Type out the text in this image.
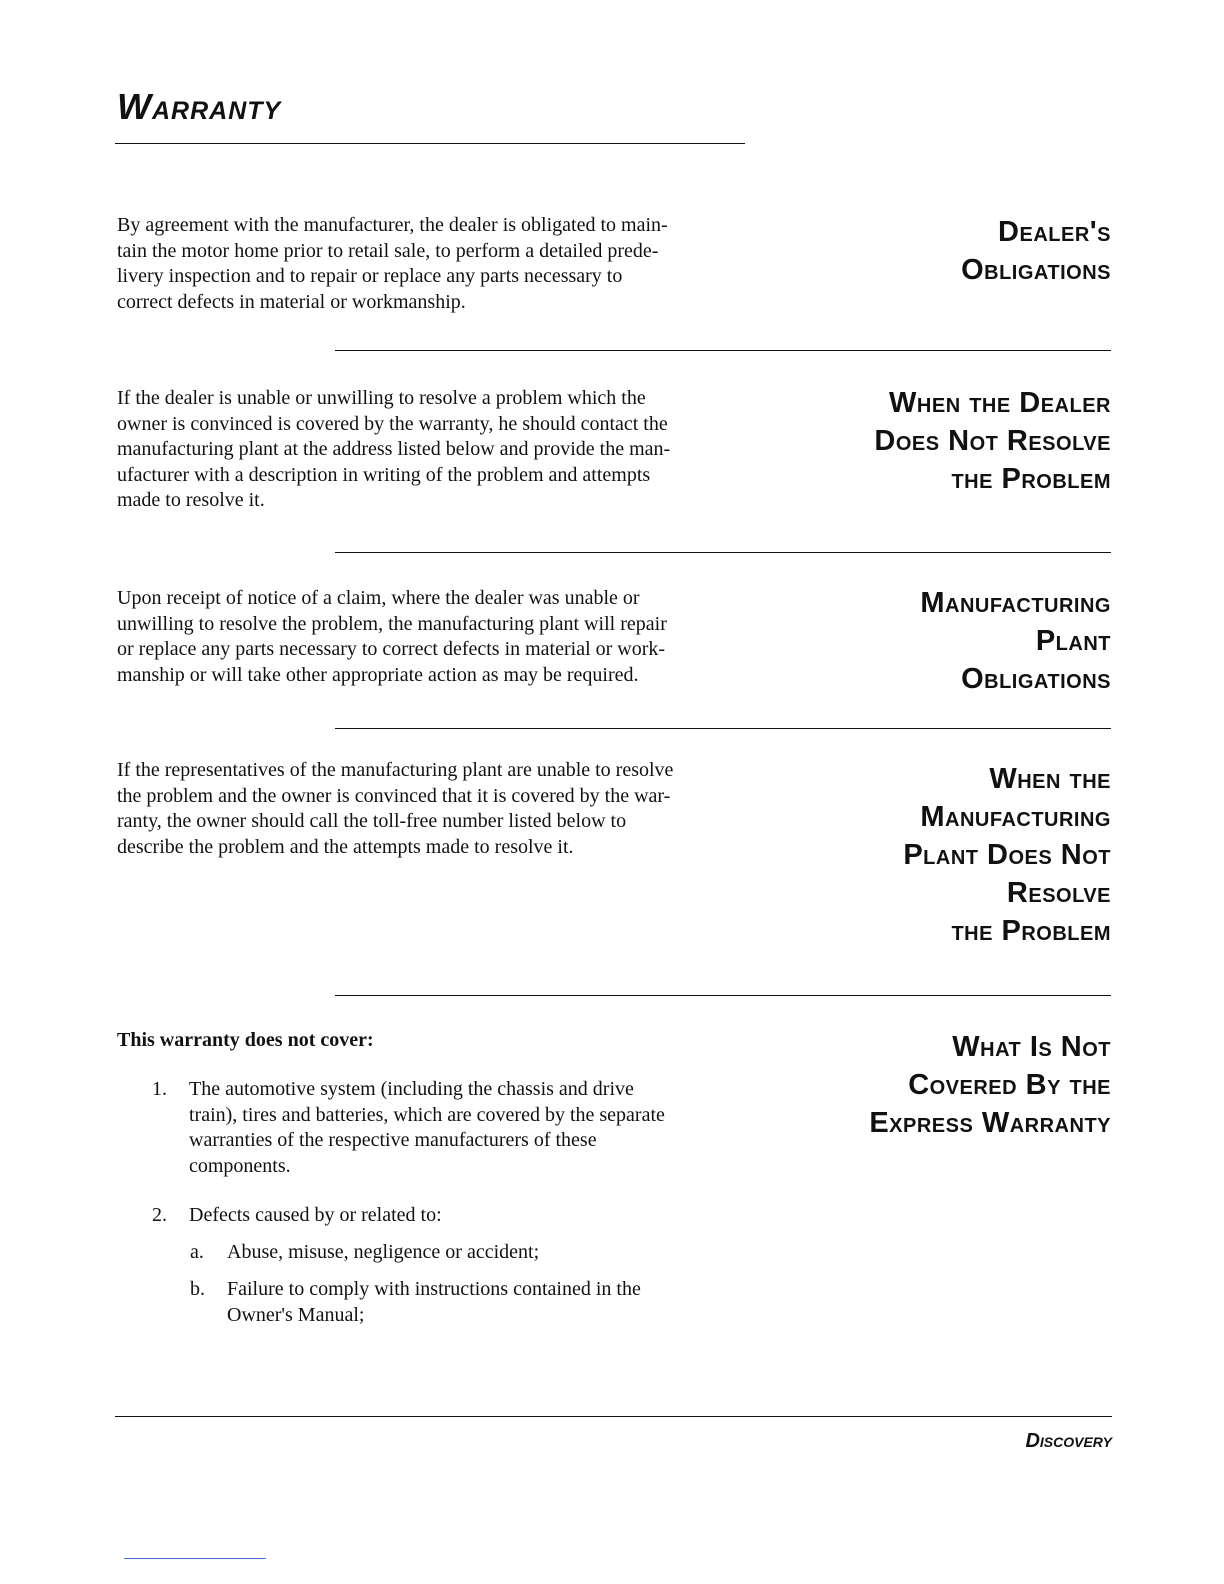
Warranty
By agreement with the manufacturer, the dealer is obligated to main-
tain the motor home prior to retail sale, to perform a detailed prede-
livery inspection and to repair or replace any parts necessary to
correct defects in material or workmanship.
Dealer's
Obligations
If the dealer is unable or unwilling to resolve a problem which the
owner is convinced is covered by the warranty, he should contact the
manufacturing plant at the address listed below and provide the man-
ufacturer with a description in writing of the problem and attempts
made to resolve it.
When the Dealer
Does Not Resolve
the Problem
Upon receipt of notice of a claim, where the dealer was unable or
unwilling to resolve the problem, the manufacturing plant will repair
or replace any parts necessary to correct defects in material or work-
manship or will take other appropriate action as may be required.
Manufacturing
Plant
Obligations
If the representatives of the manufacturing plant are unable to resolve
the problem and the owner is convinced that it is covered by the war-
ranty, the owner should call the toll-free number listed below to
describe the problem and the attempts made to resolve it.
When the
Manufacturing
Plant Does Not
Resolve
the Problem
This warranty does not cover:	What Is Not
Covered By the
Express Warranty
1. The automotive system (including the chassis and drive
train), tires and batteries, which are covered by the separate
warranties of the respective manufacturers of these
components.
2. Defects caused by or related to:
a. Abuse, misuse, negligence or accident;
b. Failure to comply with instructions contained in the
Owner's Manual;
Discovery
